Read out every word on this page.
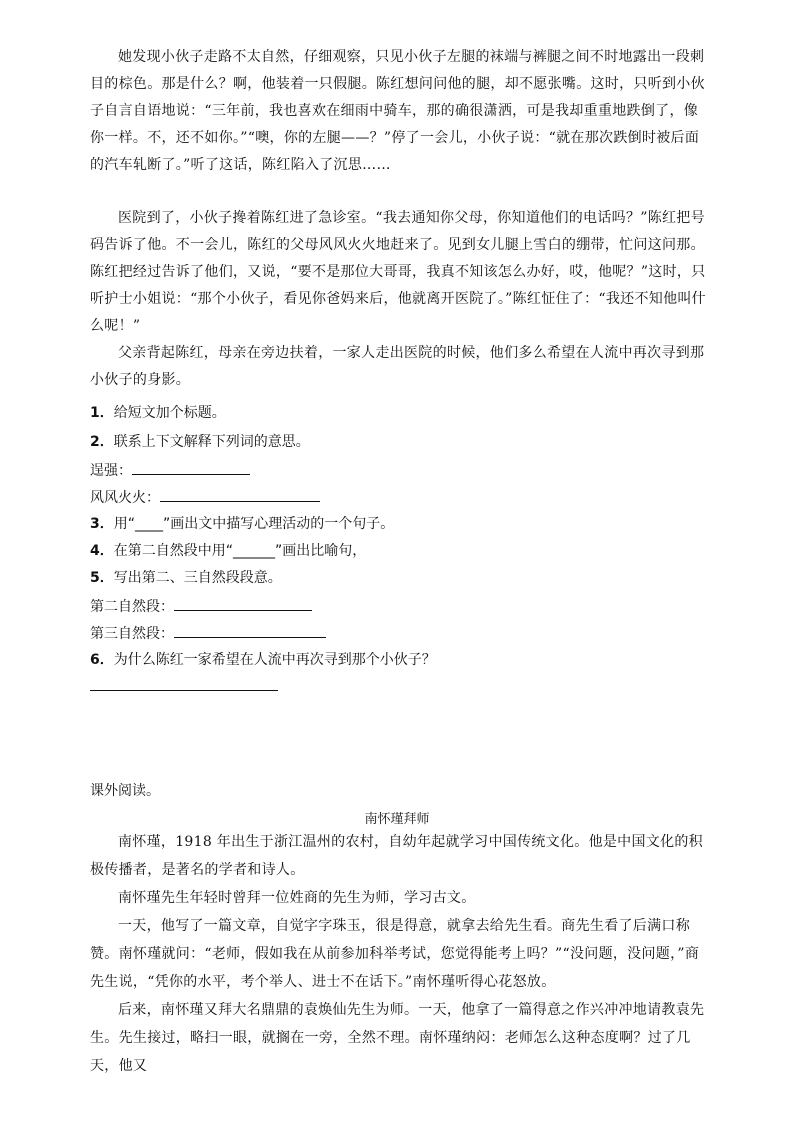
她发现小伙子走路不太自然，仔细观察，只见小伙子左腿的袜端与裤腿之间不时地露出一段刺目的棕色。那是什么？啊，他装着一只假腿。陈红想问问他的腿，却不愿张嘴。这时，只听到小伙子自言自语地说：“三年前，我也喜欢在细雨中骑车，那的确很潇洒，可是我却重重地跌倒了，像你一样。不，还不如你。”“噢，你的左腿——？”停了一会儿，小伙子说：“就在那次跌倒时被后面的汽车轧断了。”听了这话，陈红陷入了沉思……

医院到了，小伙子搀着陈红进了急诊室。“我去通知你父母，你知道他们的电话吗？”陈红把号码告诉了他。不一会儿，陈红的父母风风火火地赶来了。见到女儿腿上雪白的绷带，忙问这问那。陈红把经过告诉了他们，又说，“要不是那位大哥哥，我真不知该怎么办好，哎，他呢？”这时，只听护士小姐说：“那个小伙子，看见你爸妈来后，他就离开医院了。”陈红怔住了：“我还不知他叫什么呢！”

父亲背起陈红，母亲在旁边扶着，一家人走出医院的时候，他们多么希望在人流中再次寻到那小伙子的身影。

1．给短文加个标题。
2．联系上下文解释下列词的意思。
逞强：
风风火火：
3．用“____”画出文中描写心理活动的一个句子。
4．在第二自然段中用“______”画出比喻句，
5．写出第二、三自然段段意。
第二自然段：
第三自然段：
6．为什么陈红一家希望在人流中再次寻到那个小伙子？
课外阅读。
南怀瑾拜师

南怀瑾，1918 年出生于浙江温州的农村，自幼年起就学习中国传统文化。他是中国文化的积极传播者，是著名的学者和诗人。

南怀瑾先生年轻时曾拜一位姓商的先生为师，学习古文。

一天，他写了一篇文章，自觉字字珠玉，很是得意，就拿去给先生看。商先生看了后满口称赞。南怀瑾就问：“老师，假如我在从前参加科举考试，您觉得能考上吗？”“没问题，没问题，”商先生说，“凭你的水平，考个举人、进士不在话下。”南怀瑾听得心花怒放。

后来，南怀瑾又拜大名鼎鼎的袁焕仙先生为师。一天，他拿了一篇得意之作兴冲冲地请教袁先生。先生接过，略扫一眼，就搁在一旁，全然不理。南怀瑾纳闷：老师怎么这种态度啊？过了几天，他又
